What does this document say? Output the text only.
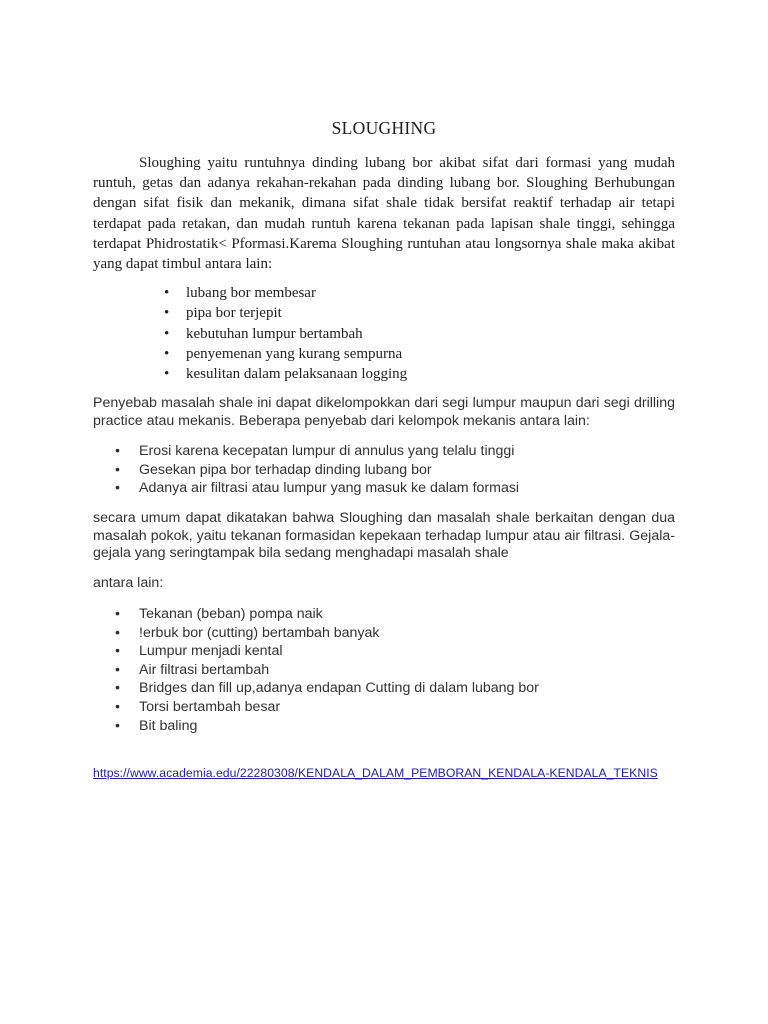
SLOUGHING

Sloughing yaitu runtuhnya dinding lubang bor akibat sifat dari formasi yang mudah runtuh, getas dan adanya rekahan-rekahan pada dinding lubang bor. Sloughing Berhubungan dengan sifat fisik dan mekanik, dimana sifat shale tidak bersifat reaktif terhadap air tetapi terdapat pada retakan, dan mudah runtuh karena tekanan pada lapisan shale tinggi, sehingga terdapat Phidrostatik< Pformasi.Karema Sloughing runtuhan atau longsornya shale maka akibat yang dapat timbul antara lain:

• lubang bor membesar
• pipa bor terjepit
• kebutuhan lumpur bertambah
• penyemenan yang kurang sempurna
• kesulitan dalam pelaksanaan logging

Penyebab masalah shale ini dapat dikelompokkan dari segi lumpur maupun dari segi drilling practice atau mekanis. Beberapa penyebab dari kelompok mekanis antara lain:

• Erosi karena kecepatan lumpur di annulus yang telalu tinggi
• Gesekan pipa bor terhadap dinding lubang bor
• Adanya air filtrasi atau lumpur yang masuk ke dalam formasi

secara umum dapat dikatakan bahwa Sloughing dan masalah shale berkaitan dengan dua masalah pokok, yaitu tekanan formasidan kepekaan terhadap lumpur atau air filtrasi. Gejala-gejala yang seringtampak bila sedang menghadapi masalah shale

antara lain:

• Tekanan (beban) pompa naik
• !erbuk bor (cutting) bertambah banyak
• Lumpur menjadi kental
• Air filtrasi bertambah
• Bridges dan fill up,adanya endapan Cutting di dalam lubang bor
• Torsi bertambah besar
• Bit baling
https://www.academia.edu/22280308/KENDALA_DALAM_PEMBORAN_KENDALA-KENDALA_TEKNIS
